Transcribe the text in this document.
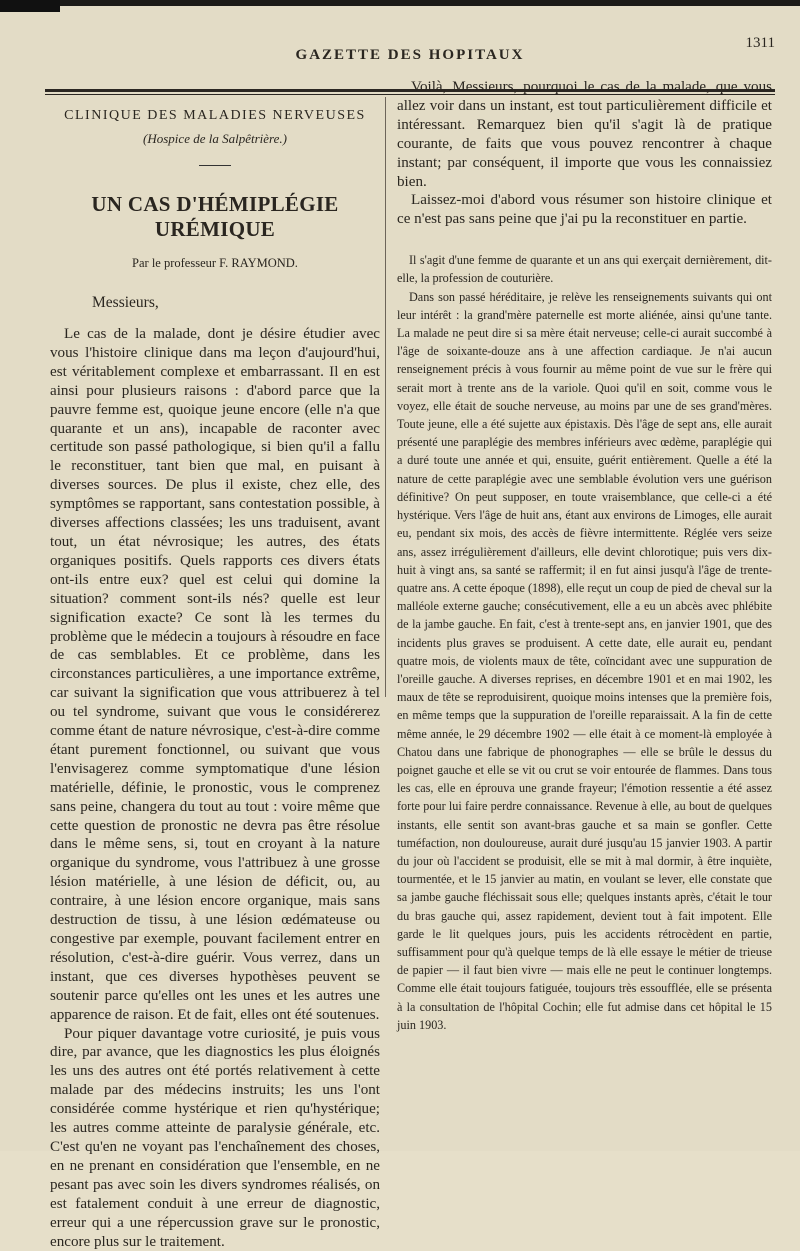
GAZETTE DES HOPITAUX
1311
CLINIQUE DES MALADIES NERVEUSES
(Hospice de la Salpêtrière.)
UN CAS D'HÉMIPLÉGIE URÉMIQUE
Par le professeur F. RAYMOND.
Messieurs,

Le cas de la malade, dont je désire étudier avec vous l'histoire clinique dans ma leçon d'aujourd'hui, est véritablement complexe et embarrassant. Il en est ainsi pour plusieurs raisons : d'abord parce que la pauvre femme est, quoique jeune encore (elle n'a que quarante et un ans), incapable de raconter avec certitude son passé pathologique, si bien qu'il a fallu le reconstituer, tant bien que mal, en puisant à diverses sources. De plus il existe, chez elle, des symptômes se rapportant, sans contestation possible, à diverses affections classées; les uns traduisent, avant tout, un état névrosique; les autres, des états organiques positifs. Quels rapports ces divers états ont-ils entre eux? quel est celui qui domine la situation? comment sont-ils nés? quelle est leur signification exacte? Ce sont là les termes du problème que le médecin a toujours à résoudre en face de cas semblables. Et ce problème, dans les circonstances particulières, a une importance extrême, car suivant la signification que vous attribuerez à tel ou tel syndrome, suivant que vous le considérerez comme étant de nature névrosique, c'est-à-dire comme étant purement fonctionnel, ou suivant que vous l'envisagerez comme symptomatique d'une lésion matérielle, définie, le pronostic, vous le comprenez sans peine, changera du tout au tout : voire même que cette question de pronostic ne devra pas être résolue dans le même sens, si, tout en croyant à la nature organique du syndrome, vous l'attribuez à une grosse lésion matérielle, à une lésion de déficit, ou, au contraire, à une lésion encore organique, mais sans destruction de tissu, à une lésion œdémateuse ou congestive par exemple, pouvant facilement entrer en résolution, c'est-à-dire guérir. Vous verrez, dans un instant, que ces diverses hypothèses peuvent se soutenir parce qu'elles ont les unes et les autres une apparence de raison. Et de fait, elles ont été soutenues.

Pour piquer davantage votre curiosité, je puis vous dire, par avance, que les diagnostics les plus éloignés les uns des autres ont été portés relativement à cette malade par des médecins instruits; les uns l'ont considérée comme hystérique et rien qu'hystérique; les autres comme atteinte de paralysie générale, etc. C'est qu'en ne voyant pas l'enchaînement des choses, en ne prenant en considération que l'ensemble, en ne pesant pas avec soin les divers syndromes réalisés, on est fatalement conduit à une erreur de diagnostic, erreur qui a une répercussion grave sur le pronostic, encore plus sur le traitement.

Voilà, Messieurs, pourquoi le cas de la malade, que vous allez voir dans un instant, est tout particulièrement difficile et intéressant. Remarquez bien qu'il s'agit là de pratique courante, de faits que vous pouvez rencontrer à chaque instant; par conséquent, il importe que vous les connaissiez bien.

Laissez-moi d'abord vous résumer son histoire clinique et ce n'est pas sans peine que j'ai pu la reconstituer en partie.

Il s'agit d'une femme de quarante et un ans qui exerçait dernièrement, dit-elle, la profession de couturière.

Dans son passé héréditaire, je relève les renseignements suivants qui ont leur intérêt : la grand'mère paternelle est morte aliénée, ainsi qu'une tante. La malade ne peut dire si sa mère était nerveuse; celle-ci aurait succombé à l'âge de soixante-douze ans à une affection cardiaque. Je n'ai aucun renseignement précis à vous fournir au même point de vue sur le frère qui serait mort à trente ans de la variole. Quoi qu'il en soit, comme vous le voyez, elle était de souche nerveuse, au moins par une de ses grand'mères. Toute jeune, elle a été sujette aux épistaxis. Dès l'âge de sept ans, elle aurait présenté une paraplégie des membres inférieurs avec œdème, paraplégie qui a duré toute une année et qui, ensuite, guérit entièrement. Quelle a été la nature de cette paraplégie avec une semblable évolution vers une guérison définitive? On peut supposer, en toute vraisemblance, que celle-ci a été hystérique. Vers l'âge de huit ans, étant aux environs de Limoges, elle aurait eu, pendant six mois, des accès de fièvre intermittente. Réglée vers seize ans, assez irrégulièrement d'ailleurs, elle devint chlorotique; puis vers dix-huit à vingt ans, sa santé se raffermit; il en fut ainsi jusqu'à l'âge de trente-quatre ans. A cette époque (1898), elle reçut un coup de pied de cheval sur la malléole externe gauche; consécutivement, elle a eu un abcès avec phlébite de la jambe gauche. En fait, c'est à trente-sept ans, en janvier 1901, que des incidents plus graves se produisent. A cette date, elle aurait eu, pendant quatre mois, de violents maux de tête, coïncidant avec une suppuration de l'oreille gauche. A diverses reprises, en décembre 1901 et en mai 1902, les maux de tête se reproduisirent, quoique moins intenses que la première fois, en même temps que la suppuration de l'oreille reparaissait. A la fin de cette même année, le 29 décembre 1902 — elle était à ce moment-là employée à Chatou dans une fabrique de phonographes — elle se brûle le dessus du poignet gauche et elle se vit ou crut se voir entourée de flammes. Dans tous les cas, elle en éprouva une grande frayeur; l'émotion ressentie a été assez forte pour lui faire perdre connaissance. Revenue à elle, au bout de quelques instants, elle sentit son avant-bras gauche et sa main se gonfler. Cette tuméfaction, non douloureuse, aurait duré jusqu'au 15 janvier 1903. A partir du jour où l'accident se produisit, elle se mit à mal dormir, à être inquiète, tourmentée, et le 15 janvier au matin, en voulant se lever, elle constate que sa jambe gauche fléchissait sous elle; quelques instants après, c'était le tour du bras gauche qui, assez rapidement, devient tout à fait impotent. Elle garde le lit quelques jours, puis les accidents rétrocèdent en partie, suffisamment pour qu'à quelque temps de là elle essaye le métier de trieuse de papier — il faut bien vivre — mais elle ne peut le continuer longtemps. Comme elle était toujours fatiguée, toujours très essoufflée, elle se présenta à la consultation de l'hôpital Cochin; elle fut admise dans cet hôpital le 15 juin 1903.
